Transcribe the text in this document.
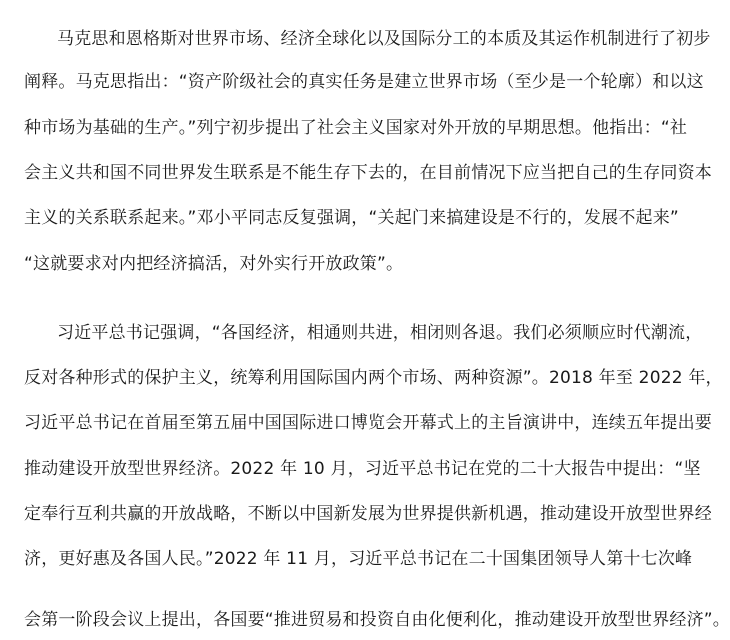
马克思和恩格斯对世界市场、经济全球化以及国际分工的本质及其运作机制进行了初步
阐释。马克思指出：“资产阶级社会的真实任务是建立世界市场（至少是一个轮廓）和以这
种市场为基础的生产。”列宁初步提出了社会主义国家对外开放的早期思想。他指出：“社
会主义共和国不同世界发生联系是不能生存下去的，在目前情况下应当把自己的生存同资本
主义的关系联系起来。”邓小平同志反复强调，“关起门来搞建设是不行的，发展不起来”
“这就要求对内把经济搞活，对外实行开放政策”。
习近平总书记强调，“各国经济，相通则共进，相闭则各退。我们必须顺应时代潮流，
反对各种形式的保护主义，统筹利用国际国内两个市场、两种资源”。2018 年至 2022 年，
习近平总书记在首届至第五届中国国际进口博览会开幕式上的主旨演讲中，连续五年提出要
推动建设开放型世界经济。2022 年 10 月，习近平总书记在党的二十大报告中提出：“坚
定奉行互利共赢的开放战略，不断以中国新发展为世界提供新机遇，推动建设开放型世界经
济，更好惠及各国人民。”2022 年 11 月，习近平总书记在二十国集团领导人第十七次峰
会第一阶段会议上提出，各国要“推进贸易和投资自由化便利化，推动建设开放型世界经济”。
